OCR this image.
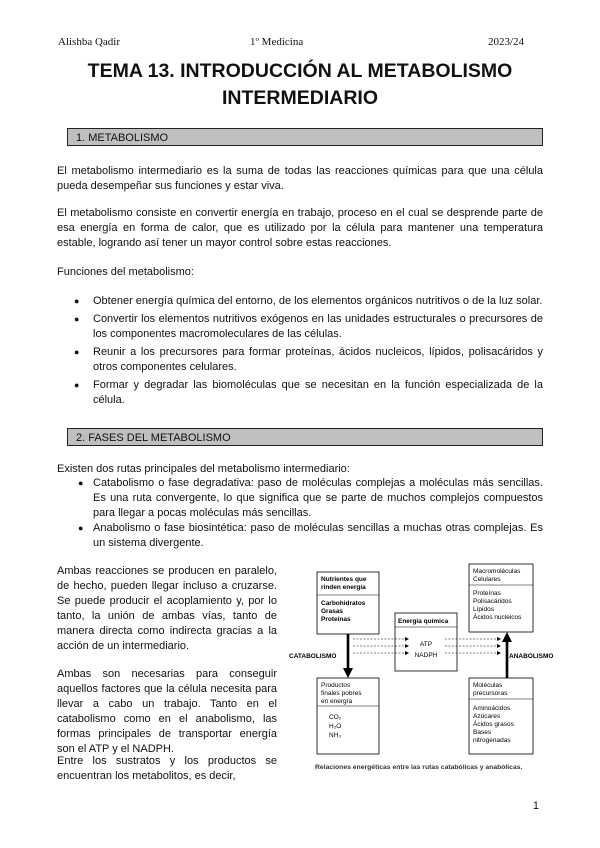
Alishba Qadir	1º Medicina	2023/24
TEMA 13. INTRODUCCIÓN AL METABOLISMO
INTERMEDIARIO
1. METABOLISMO

El metabolismo intermediario es la suma de todas las reacciones químicas para que una célula pueda desempeñar sus funciones y estar viva.

El metabolismo consiste en convertir energía en trabajo, proceso en el cual se desprende parte de esa energía en forma de calor, que es utilizado por la célula para mantener una temperatura estable, logrando así tener un mayor control sobre estas reacciones.

Funciones del metabolismo:

● Obtener energía química del entorno, de los elementos orgánicos nutritivos o de la luz solar.
● Convertir los elementos nutritivos exógenos en las unidades estructurales o precursores de los componentes macromoleculares de las células.
● Reunir a los precursores para formar proteínas, ácidos nucleicos, lípidos, polisacáridos y otros componentes celulares.
● Formar y degradar las biomoléculas que se necesitan en la función especializada de la célula.
2. FASES DEL METABOLISMO

Existen dos rutas principales del metabolismo intermediario:

● Catabolismo o fase degradativa: paso de moléculas complejas a moléculas más sencillas. Es una ruta convergente, lo que significa que se parte de muchos complejos compuestos para llegar a pocas moléculas más sencillas.
● Anabolismo o fase biosintética: paso de moléculas sencillas a muchas otras complejas. Es un sistema divergente.

Ambas reacciones se producen en paralelo, de hecho, pueden llegar incluso a cruzarse. Se puede producir el acoplamiento y, por lo tanto, la unión de ambas vías, tanto de manera directa como indirecta gracias a la acción de un intermediario.

Ambas son necesarias para conseguir aquellos factores que la célula necesita para llevar a cabo un trabajo. Tanto en el catabolismo como en el anabolismo, las formas principales de transportar energía son el ATP y el NADPH.

Entre los sustratos y los productos se encuentran los metabolitos, es decir,

Nutrientes que
rinden energía
Carbohidratos
Grasas
Proteínas
Productos
finales pobres
en energía
CO₂
H₂O
NH₃
CATABOLISMO
Energía química
ATP
NADPH
Macromoléculas
Celulares
Proteínas
Polisacáridos
Lípidos
Ácidos nucleicos
ANABOLISMO
Moléculas
precursoras
Aminoácidos
Azúcares
Ácidos grasos
Bases
nitrogenadas
Relaciones energéticas entre las rutas catabólicas y anabólicas.
1
